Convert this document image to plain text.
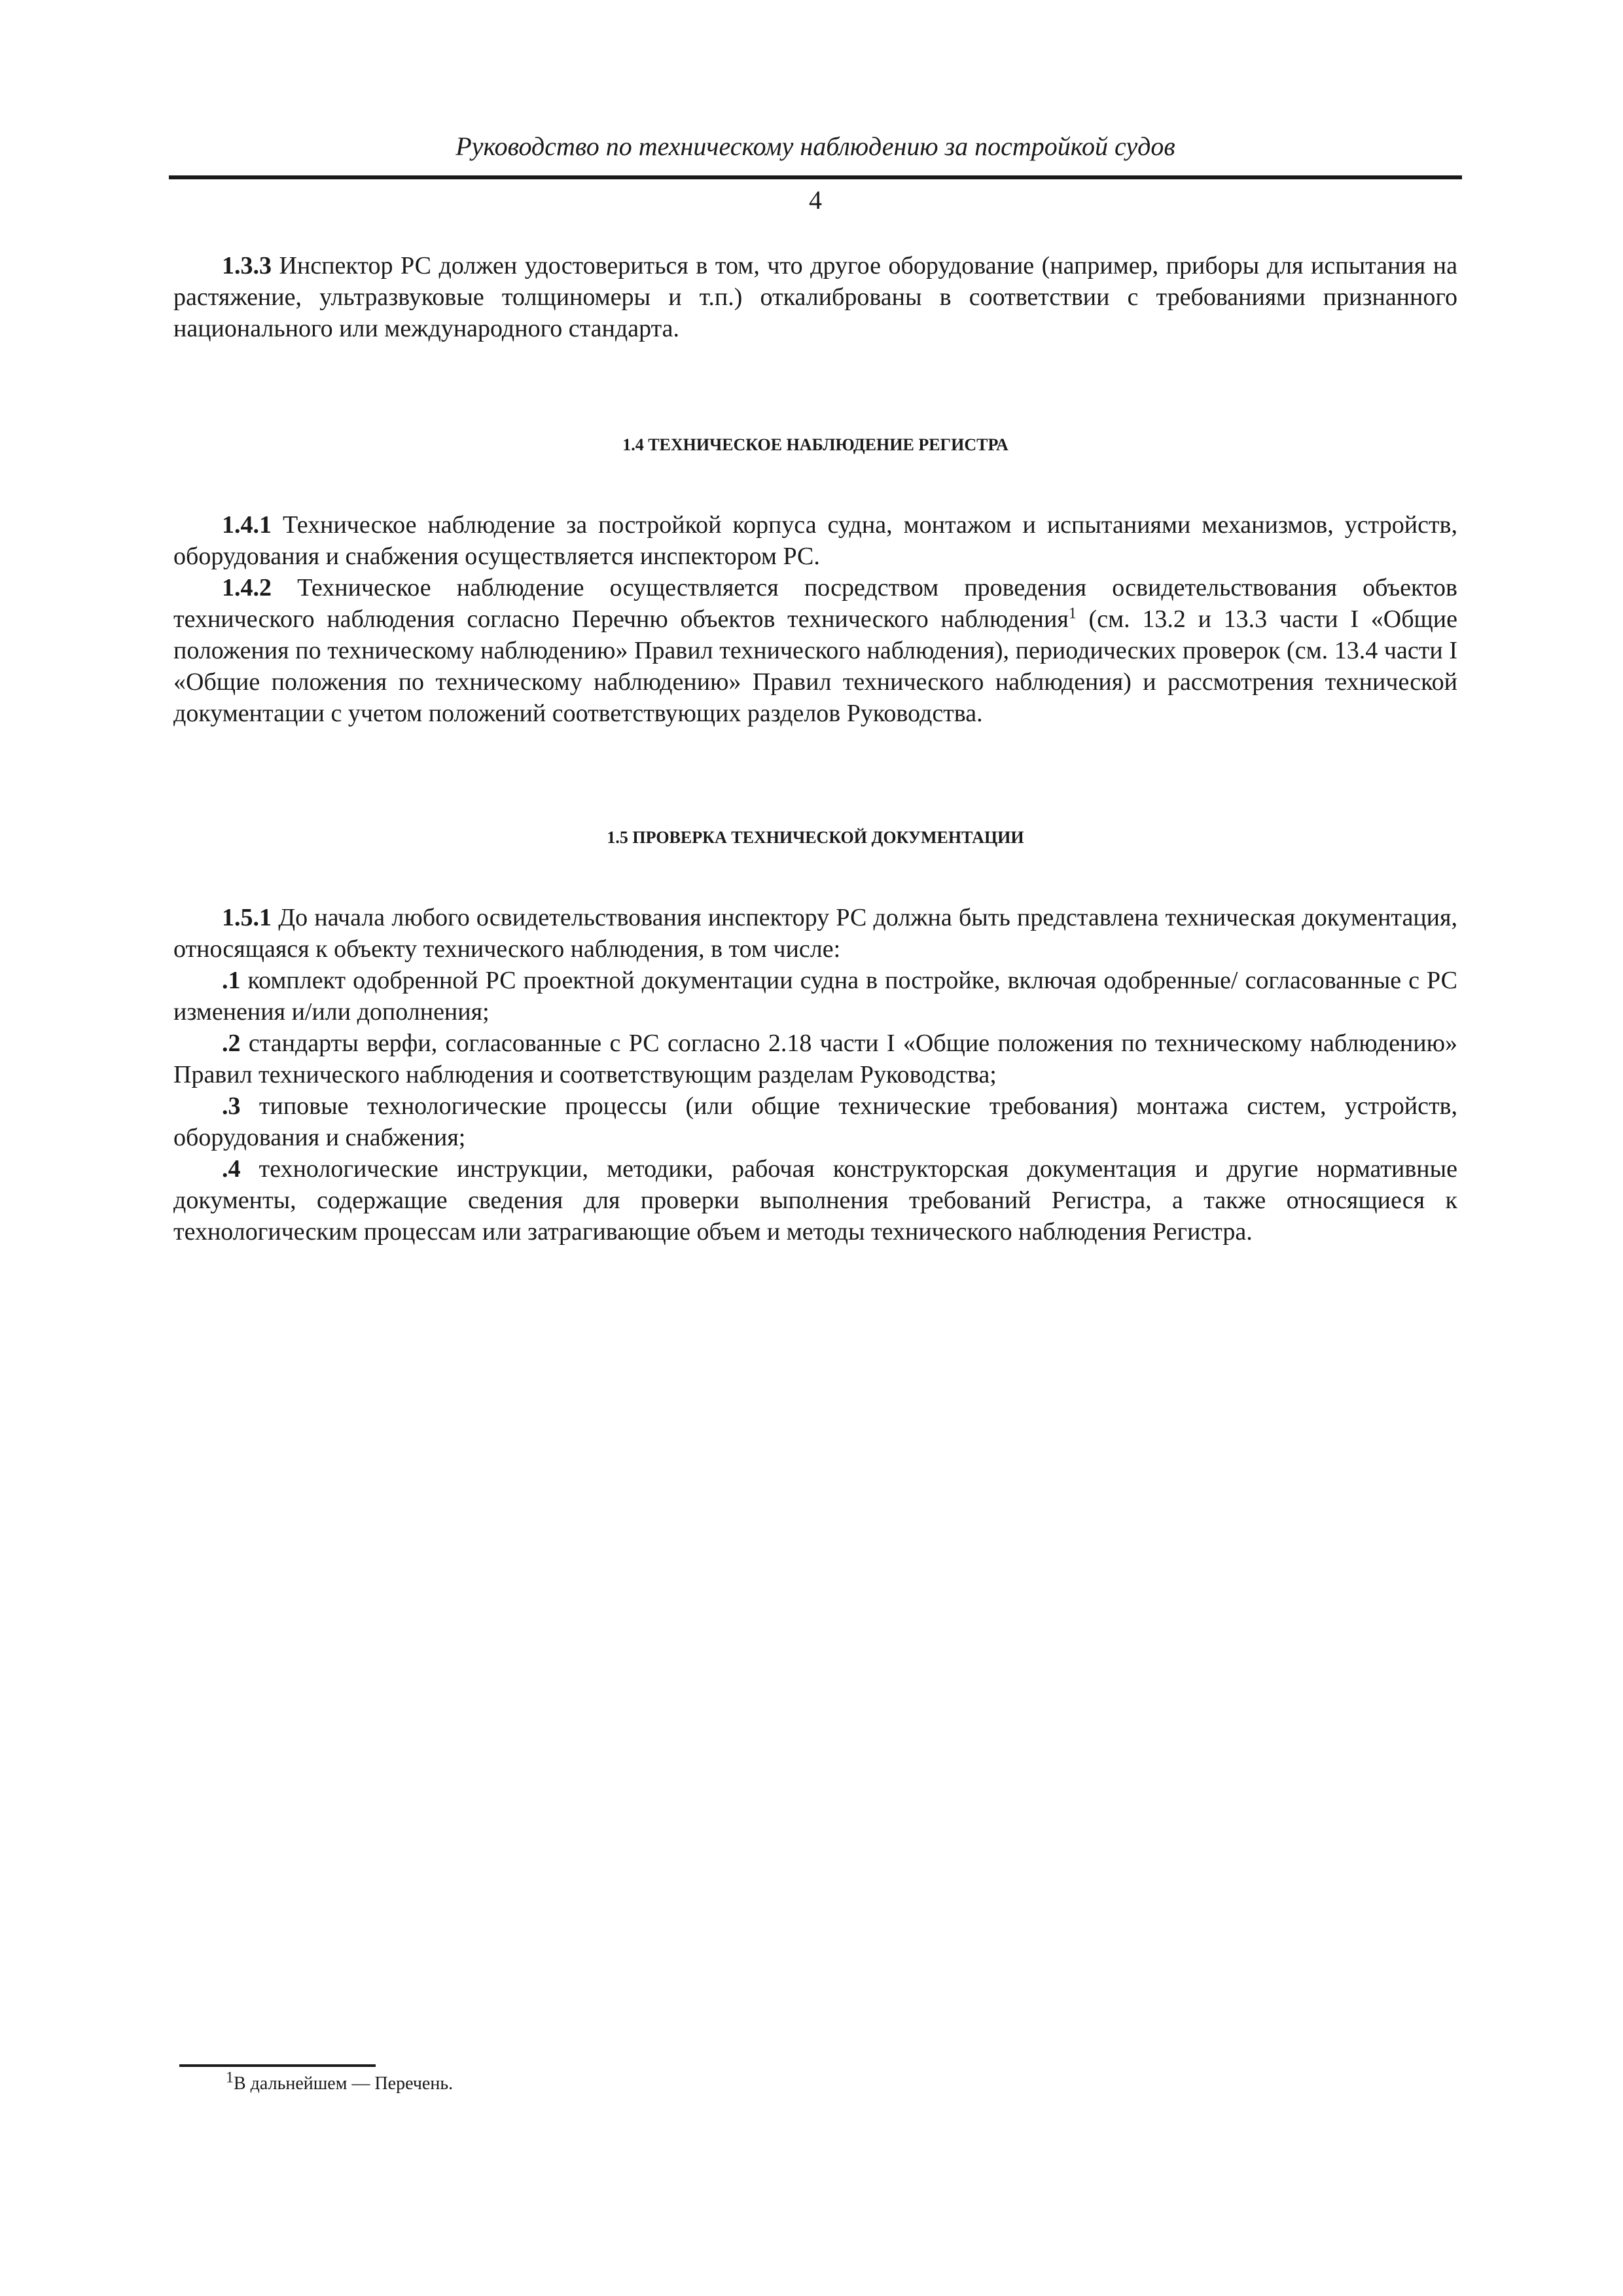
Руководство по техническому наблюдению за постройкой судов
4

1.3.3 Инспектор РС должен удостовериться в том, что другое оборудование (например, приборы для испытания на растяжение, ультразвуковые толщиномеры и т.п.) откалиброваны в соответствии с требованиями признанного национального или международного стандарта.

1.4 ТЕХНИЧЕСКОЕ НАБЛЮДЕНИЕ РЕГИСТРА

1.4.1 Техническое наблюдение за постройкой корпуса судна, монтажом и испытаниями механизмов, устройств, оборудования и снабжения осуществляется инспектором РС.

1.4.2 Техническое наблюдение осуществляется посредством проведения освидетельствования объектов технического наблюдения согласно Перечню объектов технического наблюдения$^1$ (см. 13.2 и 13.3 части I «Общие положения по техническому наблюдению» Правил технического наблюдения), периодических проверок (см. 13.4 части I «Общие положения по техническому наблюдению» Правил технического наблюдения) и рассмотрения технической документации с учетом положений соответствующих разделов Руководства.

1.5 ПРОВЕРКА ТЕХНИЧЕСКОЙ ДОКУМЕНТАЦИИ

1.5.1 До начала любого освидетельствования инспектору РС должна быть представлена техническая документация, относящаяся к объекту технического наблюдения, в том числе:

.1 комплект одобренной РС проектной документации судна в постройке, включая одобренные/ согласованные с РС изменения и/или дополнения;

.2 стандарты верфи, согласованные с РС согласно 2.18 части I «Общие положения по техническому наблюдению» Правил технического наблюдения и соответствующим разделам Руководства;

.3 типовые технологические процессы (или общие технические требования) монтажа систем, устройств, оборудования и снабжения;

.4 технологические инструкции, методики, рабочая конструкторская документация и другие нормативные документы, содержащие сведения для проверки выполнения требований Регистра, а также относящиеся к технологическим процессам или затрагивающие объем и методы технического наблюдения Регистра.

$^1$В дальнейшем — Перечень.
